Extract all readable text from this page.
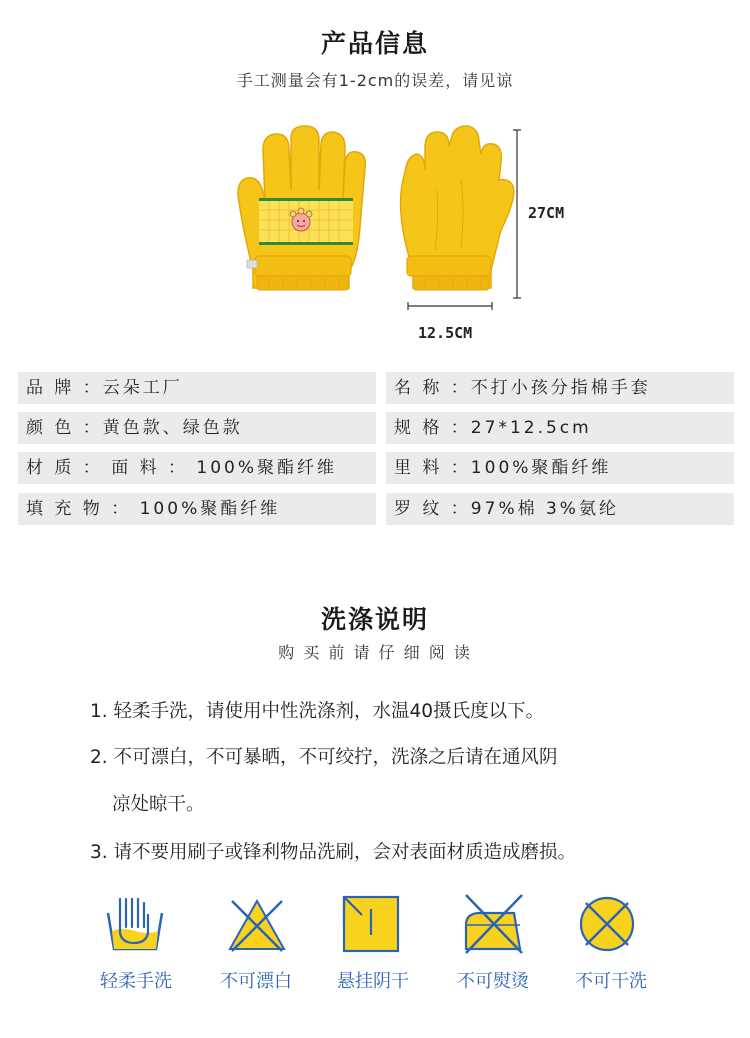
产品信息
手工测量会有1-2cm的误差，请见谅
27CM
12.5CM
品 牌 ：云朵工厂	名 称 ：不打小孩分指棉手套
颜 色 ：黄色款、绿色款	规 格 ：27*12.5cm
材 质 ： 面 料 ： 100%聚酯纤维	里 料 ：100%聚酯纤维
填 充 物 ： 100%聚酯纤维	罗 纹 ：97%棉 3%氨纶
洗涤说明
购 买 前 请 仔 细 阅 读
1. 轻柔手洗，请使用中性洗涤剂，水温40摄氏度以下。
2. 不可漂白，不可暴晒，不可绞拧，洗涤之后请在通风阴
凉处晾干。
3. 请不要用刷子或锋利物品洗刷，会对表面材质造成磨损。
轻柔手洗	不可漂白	悬挂阴干	不可熨烫	不可干洗
